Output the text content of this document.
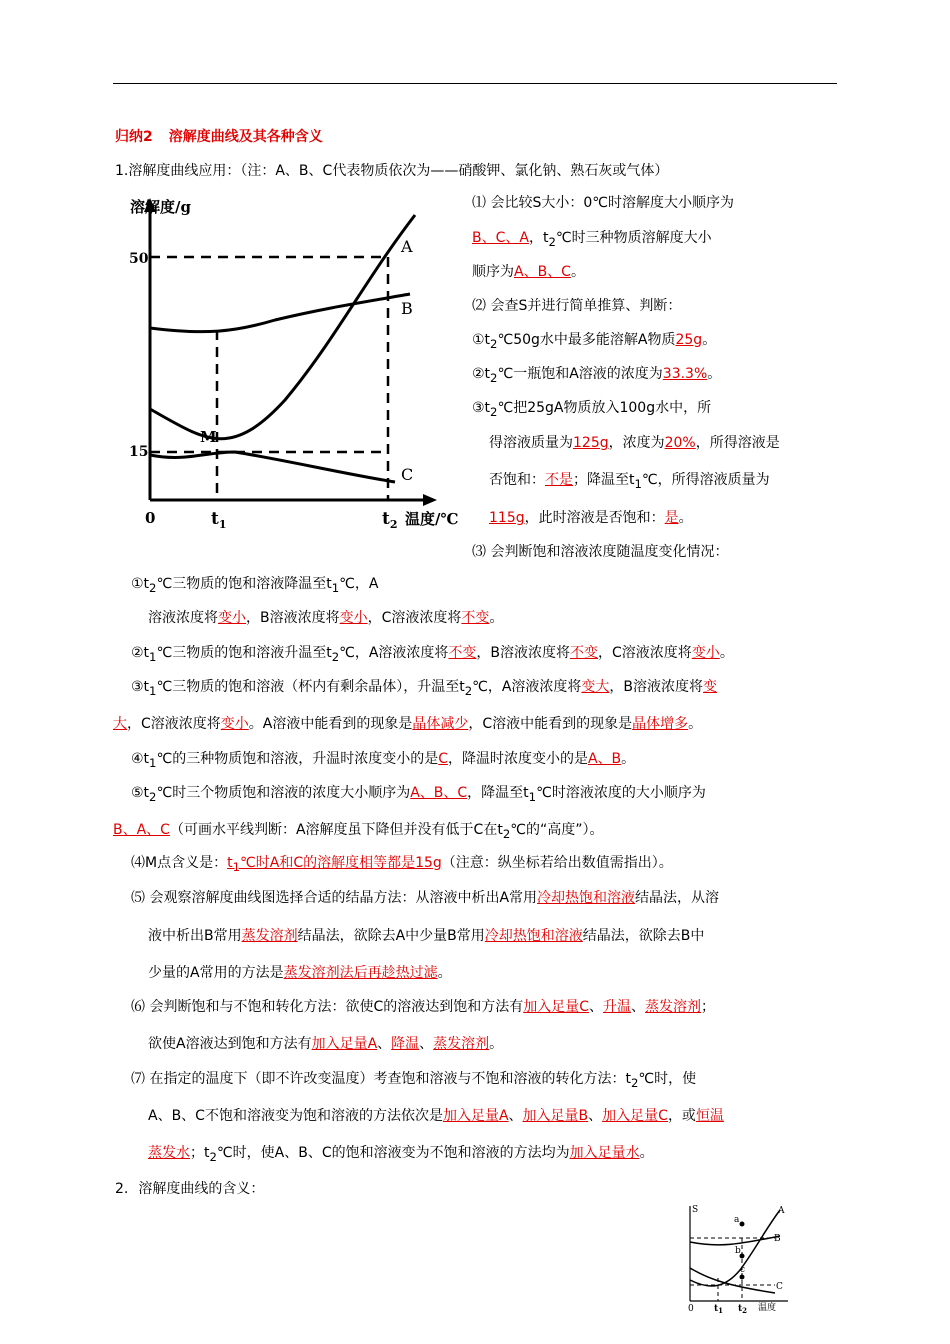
归纳2 溶解度曲线及其各种含义
1.溶解度曲线应用：（注：A、B、C代表物质依次为——硝酸钾、氯化钠、熟石灰或气体）
溶解度/g
50
15
0	$t_1$	$t_2$ 温度/℃
A
B
C
M
⑴ 会比较S大小：0℃时溶解度大小顺序为
B、C、A，$t_2℃$时三种物质溶解度大小
顺序为A、B、C。
⑵ 会查S并进行简单推算、判断：
$①t_2℃50g$水中最多能溶解A物质25g。
$②t_2℃$一瓶饱和A溶液的浓度为33.3%。
$③t_2℃$把25gA物质放入100g水中，所
得溶液质量为125g，浓度为20%，所得溶液是
否饱和：不是；降温至$t_1℃$，所得溶液质量为
115g，此时溶液是否饱和：是。
⑶ 会判断饱和溶液浓度随温度变化情况：
$①t_2℃$三物质的饱和溶液降温至$t_1℃$，A
溶液浓度将变小，B溶液浓度将变小，C溶液浓度将不变。
$②t_1℃$三物质的饱和溶液升温至$t_2℃$，A溶液浓度将不变，B溶液浓度将不变，C溶液浓度将变小。
$③t_1℃$三物质的饱和溶液（杯内有剩余晶体），升温至$t_2℃$，A溶液浓度将变大，B溶液浓度将变
大，C溶液浓度将变小。A溶液中能看到的现象是晶体减少，C溶液中能看到的现象是晶体增多。
$④t_1℃$的三种物质饱和溶液，升温时浓度变小的是C，降温时浓度变小的是A、B。
$⑤t_2℃$时三个物质饱和溶液的浓度大小顺序为A、B、C，降温至$t_1℃$时溶液浓度的大小顺序为
B、A、C（可画水平线判断：A溶解度虽下降但并没有低于C在$t_2℃$的“高度”）。
⑷M点含义是：$t_1℃$时A和C的溶解度相等都是15g（注意：纵坐标若给出数值需指出）。
⑸ 会观察溶解度曲线图选择合适的结晶方法：从溶液中析出A常用冷却热饱和溶液结晶法，从溶
液中析出B常用蒸发溶剂结晶法，欲除去A中少量B常用冷却热饱和溶液结晶法，欲除去B中
少量的A常用的方法是蒸发溶剂法后再趁热过滤。
⑹ 会判断饱和与不饱和转化方法：欲使C的溶液达到饱和方法有加入足量C、升温、蒸发溶剂；
欲使A溶液达到饱和方法有加入足量A、降温、蒸发溶剂。
⑺ 在指定的温度下（即不许改变温度）考查饱和溶液与不饱和溶液的转化方法：$t_2℃$时，使
A、B、C不饱和溶液变为饱和溶液的方法依次是加入足量A、加入足量B、加入足量C，或恒温
蒸发水；$t_2℃$时，使A、B、C的饱和溶液变为不饱和溶液的方法均为加入足量水。
2. 溶解度曲线的含义：
S
0 $t_1$ $t_2$ 温度
A
B
C
a
b
c
